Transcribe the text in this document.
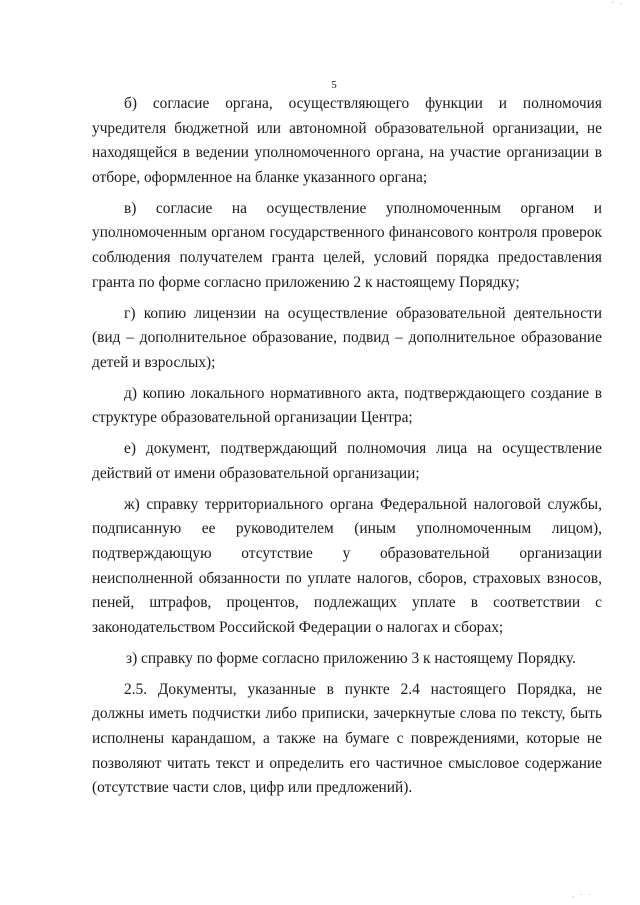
' ·
5

б) согласие органа, осуществляющего функции и полномочия учредителя бюджетной или автономной образовательной организации, не находящейся в ведении уполномоченного органа, на участие организации в отборе, оформленное на бланке указанного органа;

в) согласие на осуществление уполномоченным органом и уполномоченным органом государственного финансового контроля проверок соблюдения получателем гранта целей, условий порядка предоставления гранта по форме согласно приложению 2 к настоящему Порядку;

г) копию лицензии на осуществление образовательной деятельности (вид – дополнительное образование, подвид – дополнительное образование детей и взрослых);

д) копию локального нормативного акта, подтверждающего создание в структуре образовательной организации Центра;

е) документ, подтверждающий полномочия лица на осуществление действий от имени образовательной организации;

ж) справку территориального органа Федеральной налоговой службы, подписанную ее руководителем (иным уполномоченным лицом), подтверждающую отсутствие у образовательной организации неисполненной обязанности по уплате налогов, сборов, страховых взносов, пеней, штрафов, процентов, подлежащих уплате в соответствии с законодательством Российской Федерации о налогах и сборах;

з) справку по форме согласно приложению 3 к настоящему Порядку.

2.5. Документы, указанные в пункте 2.4 настоящего Порядка, не должны иметь подчистки либо приписки, зачеркнутые слова по тексту, быть исполнены карандашом, а также на бумаге с повреждениями, которые не позволяют читать текст и определить его частичное смысловое содержание (отсутствие части слов, цифр или предложений).

, · ·
